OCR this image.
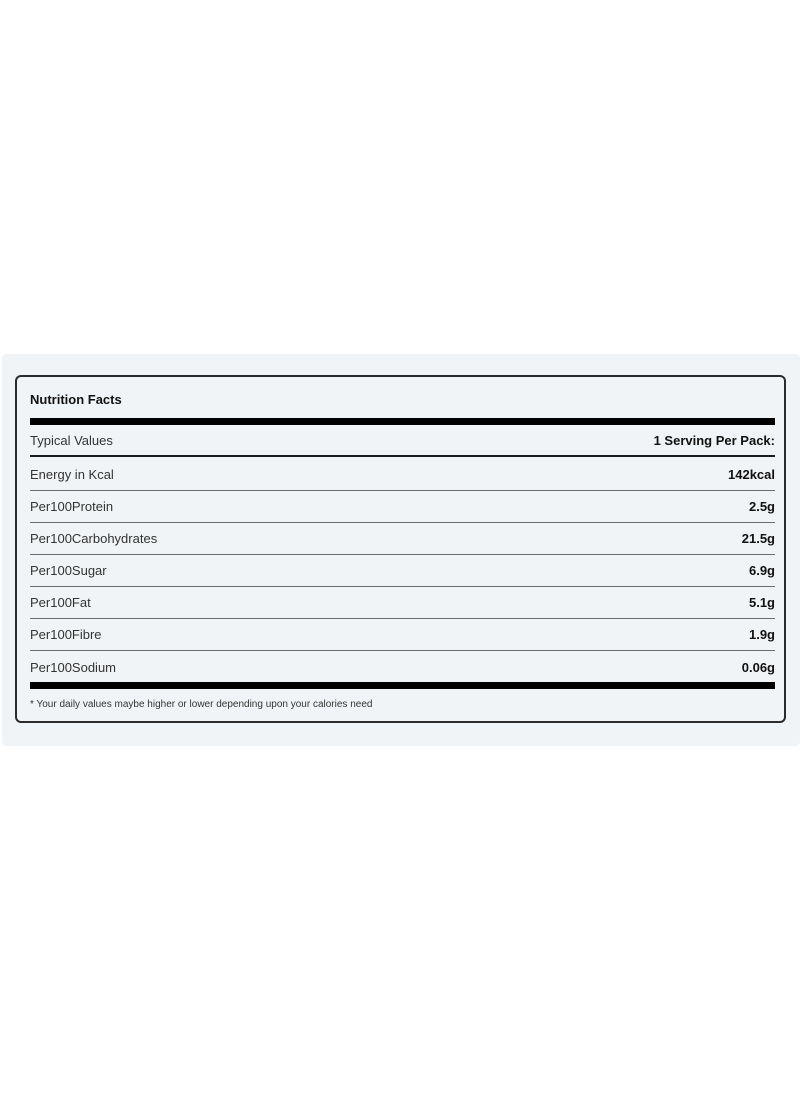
Nutrition Facts
Typical Values	1 Serving Per Pack:
Energy in Kcal	142kcal
Per100Protein	2.5g
Per100Carbohydrates	21.5g
Per100Sugar	6.9g
Per100Fat	5.1g
Per100Fibre	1.9g
Per100Sodium	0.06g
* Your daily values maybe higher or lower depending upon your calories need
